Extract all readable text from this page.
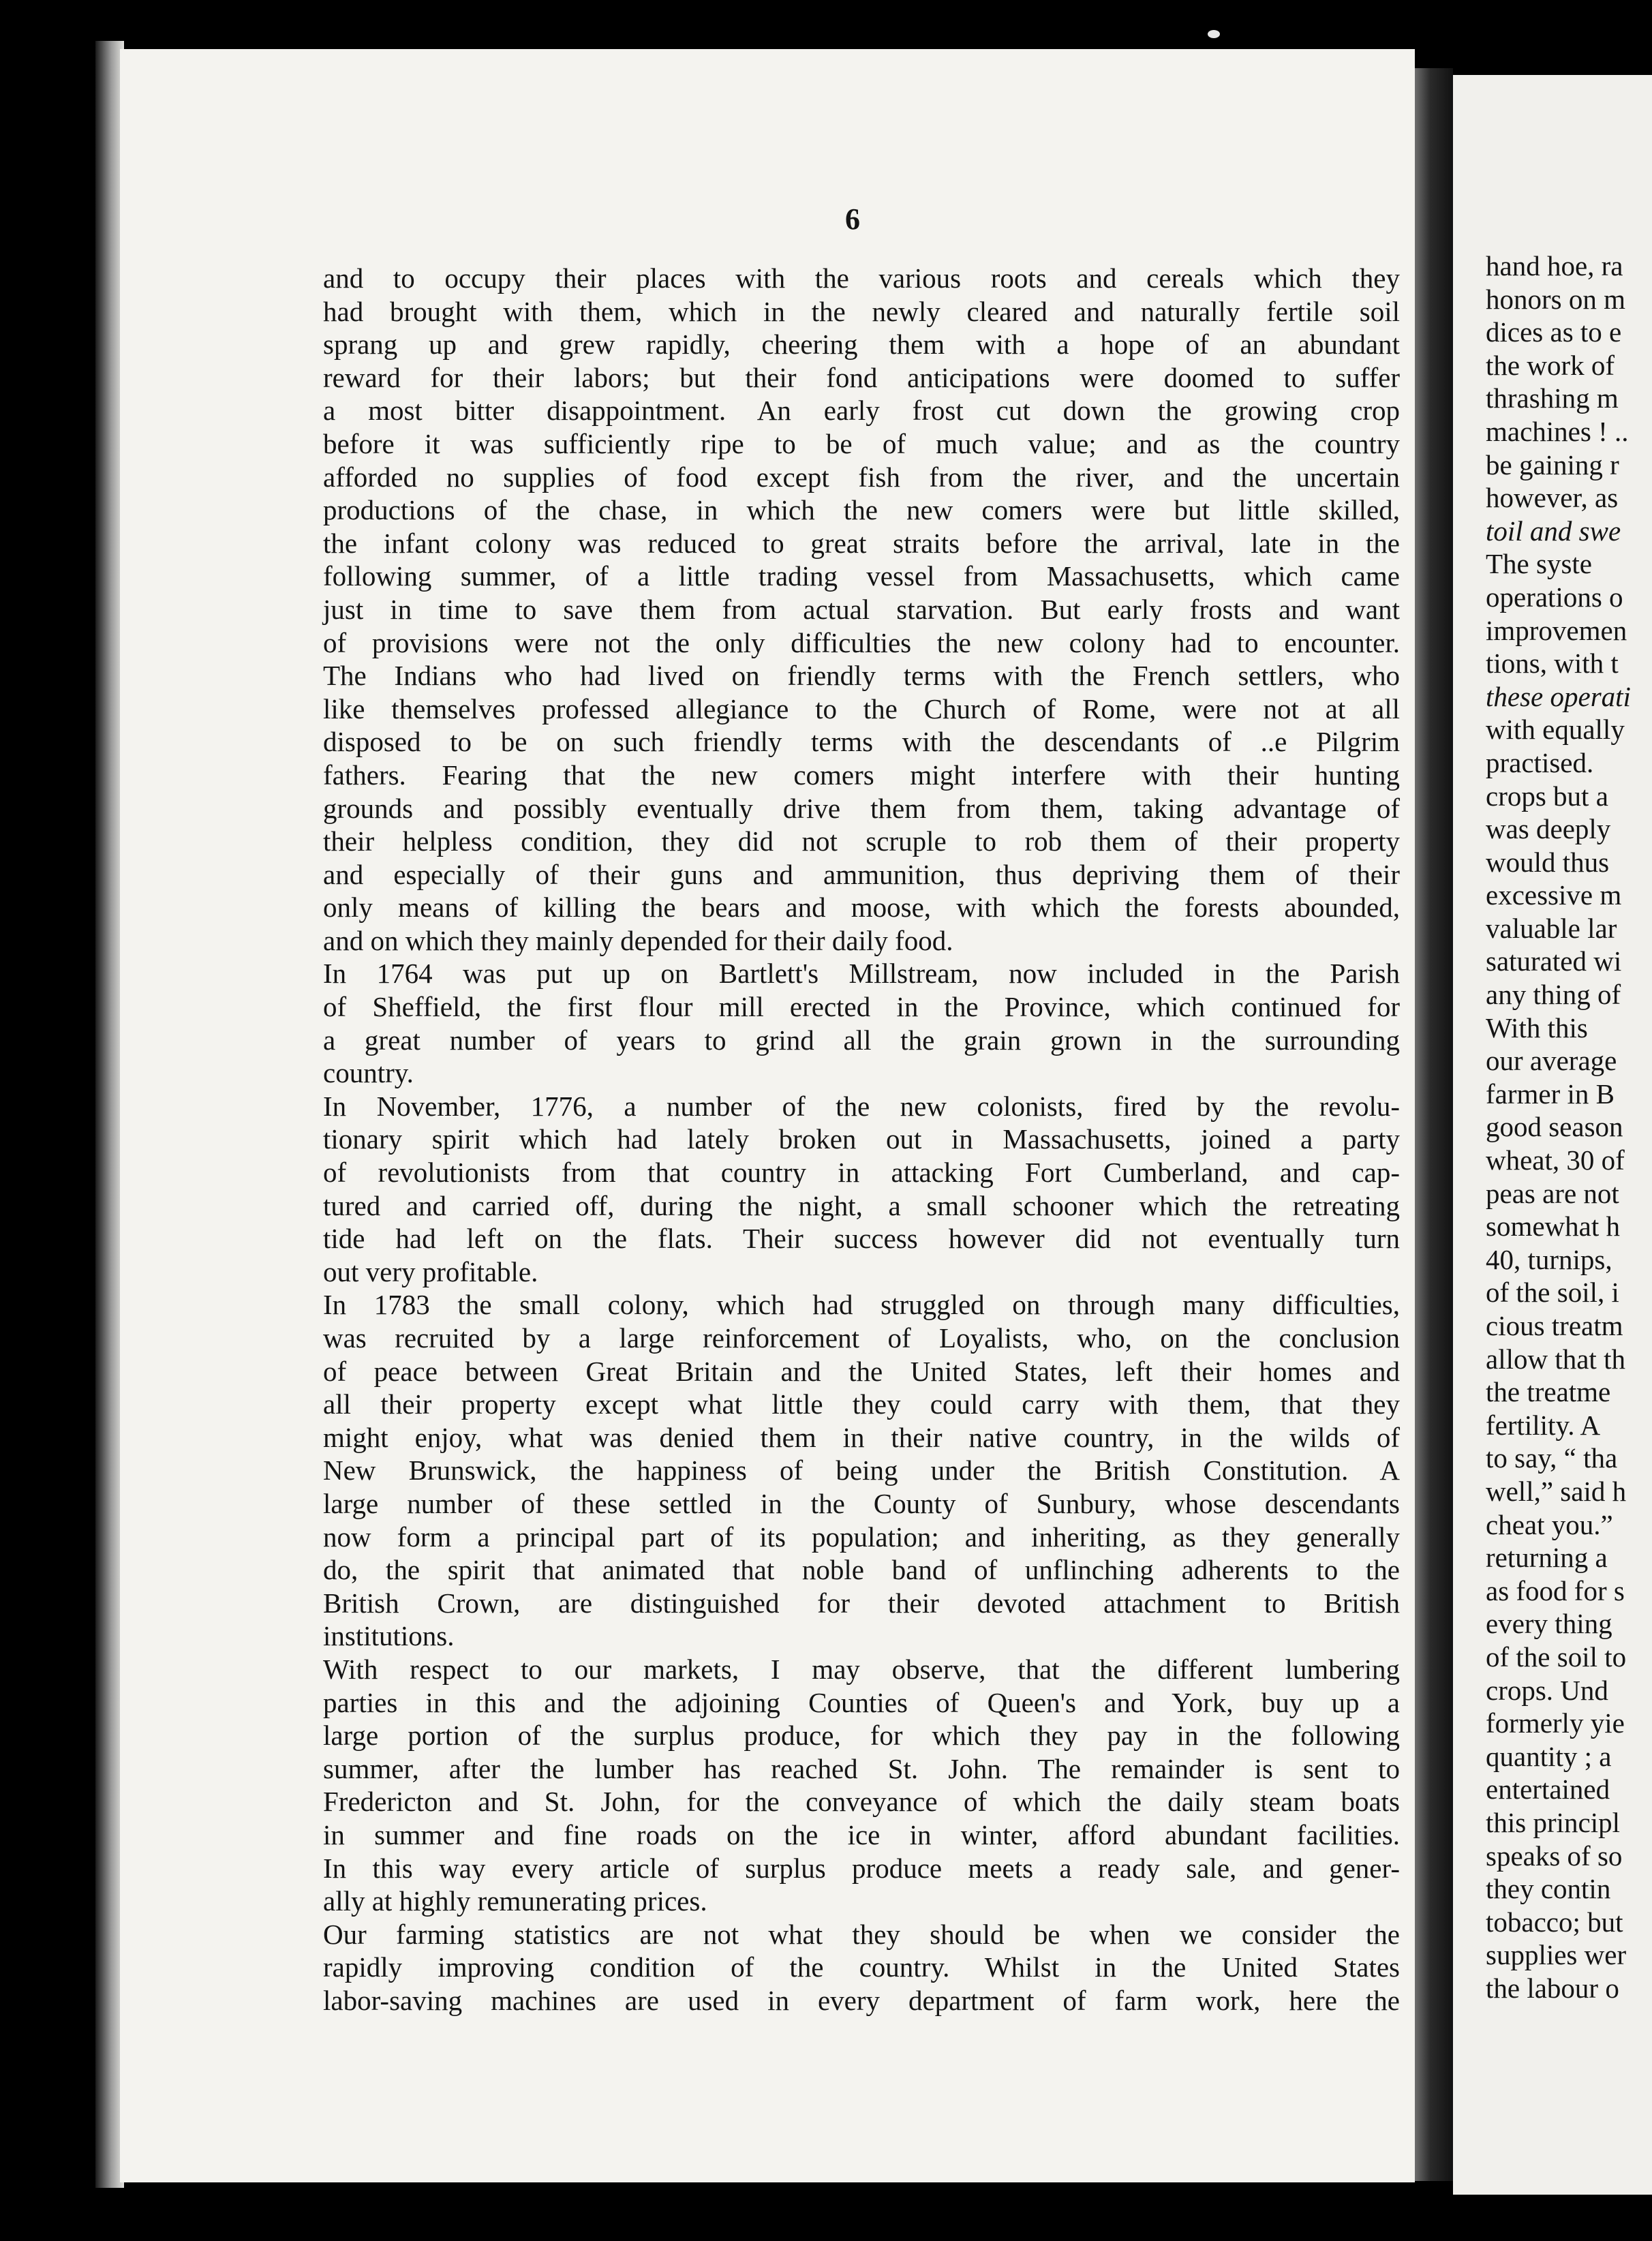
6
and to occupy their places with the various roots and cereals which they
had brought with them, which in the newly cleared and naturally fertile soil
sprang up and grew rapidly, cheering them with a hope of an abundant
reward for their labors; but their fond anticipations were doomed to suffer
a most bitter disappointment. An early frost cut down the growing crop
before it was sufficiently ripe to be of much value; and as the country
afforded no supplies of food except fish from the river, and the uncertain
productions of the chase, in which the new comers were but little skilled,
the infant colony was reduced to great straits before the arrival, late in the
following summer, of a little trading vessel from Massachusetts, which came
just in time to save them from actual starvation. But early frosts and want
of provisions were not the only difficulties the new colony had to encounter.
The Indians who had lived on friendly terms with the French settlers, who
like themselves professed allegiance to the Church of Rome, were not at all
disposed to be on such friendly terms with the descendants of ..e Pilgrim
fathers. Fearing that the new comers might interfere with their hunting
grounds and possibly eventually drive them from them, taking advantage of
their helpless condition, they did not scruple to rob them of their property
and especially of their guns and ammunition, thus depriving them of their
only means of killing the bears and moose, with which the forests abounded,
and on which they mainly depended for their daily food.
In 1764 was put up on Bartlett's Millstream, now included in the Parish
of Sheffield, the first flour mill erected in the Province, which continued for
a great number of years to grind all the grain grown in the surrounding
country.
In November, 1776, a number of the new colonists, fired by the revolu-
tionary spirit which had lately broken out in Massachusetts, joined a party
of revolutionists from that country in attacking Fort Cumberland, and cap-
tured and carried off, during the night, a small schooner which the retreating
tide had left on the flats. Their success however did not eventually turn
out very profitable.
In 1783 the small colony, which had struggled on through many difficulties,
was recruited by a large reinforcement of Loyalists, who, on the conclusion
of peace between Great Britain and the United States, left their homes and
all their property except what little they could carry with them, that they
might enjoy, what was denied them in their native country, in the wilds of
New Brunswick, the happiness of being under the British Constitution. A
large number of these settled in the County of Sunbury, whose descendants
now form a principal part of its population; and inheriting, as they generally
do, the spirit that animated that noble band of unflinching adherents to the
British Crown, are distinguished for their devoted attachment to British
institutions.
With respect to our markets, I may observe, that the different lumbering
parties in this and the adjoining Counties of Queen's and York, buy up a
large portion of the surplus produce, for which they pay in the following
summer, after the lumber has reached St. John. The remainder is sent to
Fredericton and St. John, for the conveyance of which the daily steam boats
in summer and fine roads on the ice in winter, afford abundant facilities.
In this way every article of surplus produce meets a ready sale, and gener-
ally at highly remunerating prices.
Our farming statistics are not what they should be when we consider the
rapidly improving condition of the country. Whilst in the United States
labor-saving machines are used in every department of farm work, here the
hand hoe, ra
honors on m
dices as to e
the work of
thrashing m
machines ! ..
be gaining r
however, as
toil and swe
The syste
operations o
improvemen
tions, with t
these operati
with equally
practised.
crops but a
was deeply
would thus
excessive m
valuable lar
saturated wi
any thing of
With this
our average
farmer in B
good season
wheat, 30 of
peas are not
somewhat h
40, turnips,
of the soil, i
cious treatm
allow that th
the treatme
fertility. A
to say, “ tha
well,” said h
cheat you.”
returning a
as food for s
every thing
of the soil to
crops. Und
formerly yie
quantity ; a
entertained
this principl
speaks of so
they contin
tobacco; but
supplies wer
the labour o
